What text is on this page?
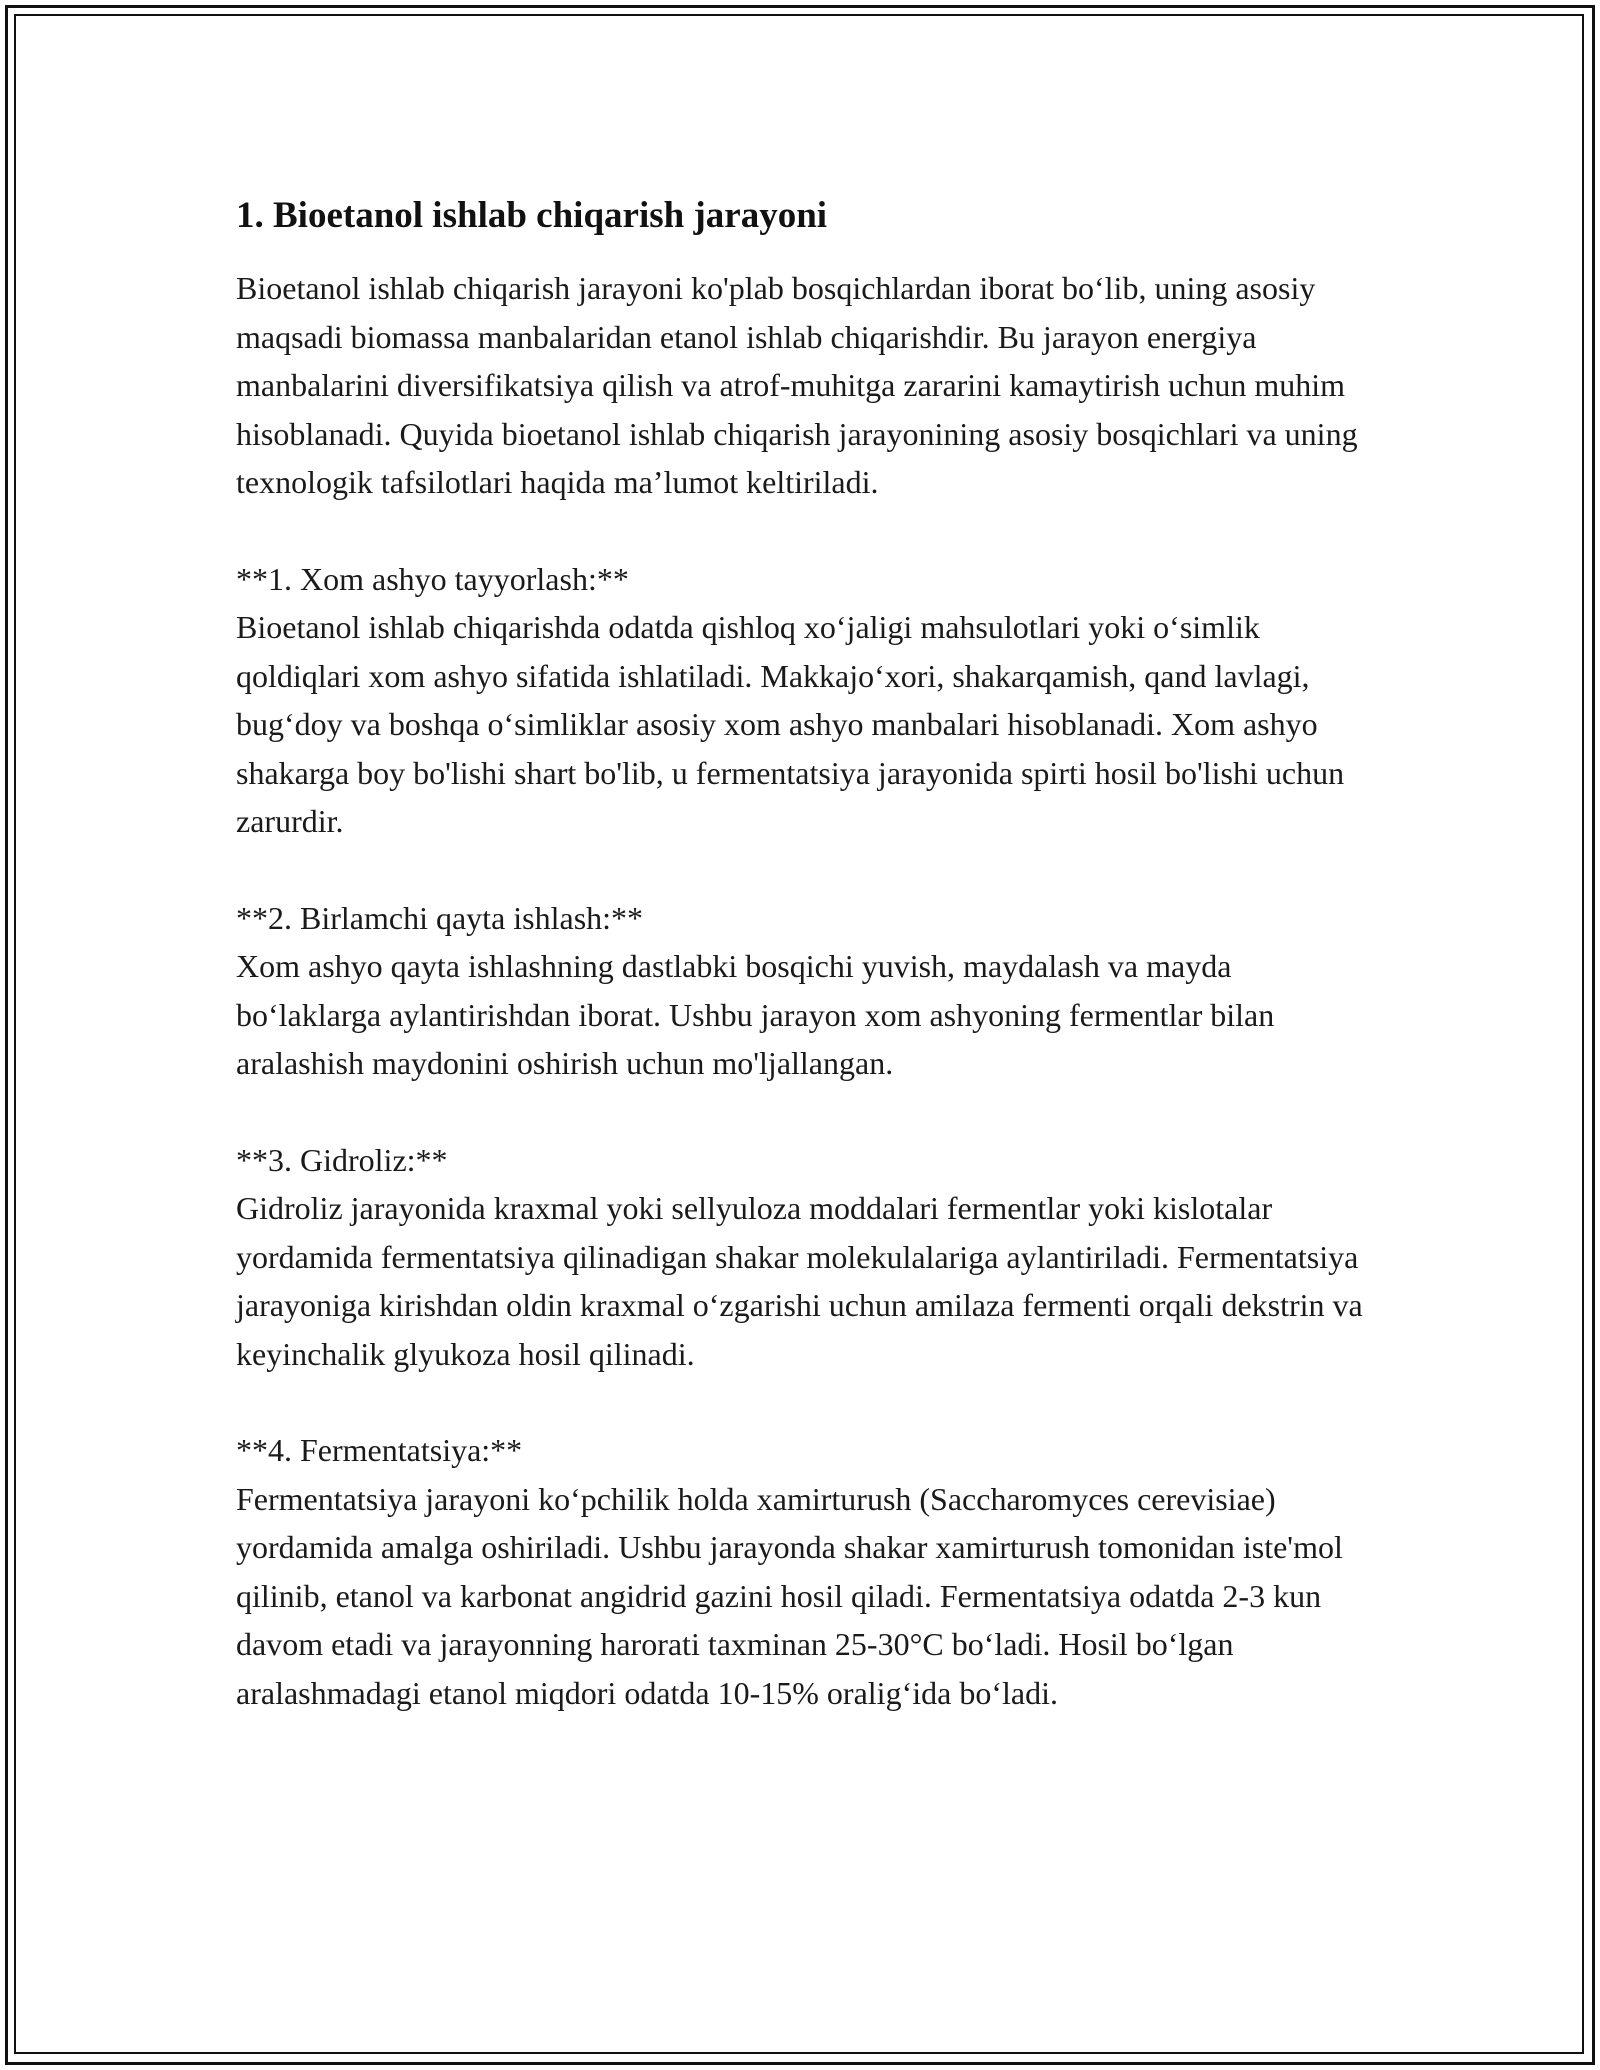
1. Bioetanol ishlab chiqarish jarayoni

Bioetanol ishlab chiqarish jarayoni ko'plab bosqichlardan iborat bo‘lib, uning asosiy maqsadi biomassa manbalaridan etanol ishlab chiqarishdir. Bu jarayon energiya manbalarini diversifikatsiya qilish va atrof-muhitga zararini kamaytirish uchun muhim hisoblanadi. Quyida bioetanol ishlab chiqarish jarayonining asosiy bosqichlari va uning texnologik tafsilotlari haqida ma’lumot keltiriladi.

**1. Xom ashyo tayyorlash:**

Bioetanol ishlab chiqarishda odatda qishloq xo‘jaligi mahsulotlari yoki o‘simlik qoldiqlari xom ashyo sifatida ishlatiladi. Makkajo‘xori, shakarqamish, qand lavlagi, bug‘doy va boshqa o‘simliklar asosiy xom ashyo manbalari hisoblanadi. Xom ashyo shakarga boy bo'lishi shart bo'lib, u fermentatsiya jarayonida spirti hosil bo'lishi uchun zarurdir.

**2. Birlamchi qayta ishlash:**

Xom ashyo qayta ishlashning dastlabki bosqichi yuvish, maydalash va mayda bo‘laklarga aylantirishdan iborat. Ushbu jarayon xom ashyoning fermentlar bilan aralashish maydonini oshirish uchun mo'ljallangan.

**3. Gidroliz:**

Gidroliz jarayonida kraxmal yoki sellyuloza moddalari fermentlar yoki kislotalar yordamida fermentatsiya qilinadigan shakar molekulalariga aylantiriladi. Fermentatsiya jarayoniga kirishdan oldin kraxmal o‘zgarishi uchun amilaza fermenti orqali dekstrin va keyinchalik glyukoza hosil qilinadi.

**4. Fermentatsiya:**

Fermentatsiya jarayoni ko‘pchilik holda xamirturush (Saccharomyces cerevisiae) yordamida amalga oshiriladi. Ushbu jarayonda shakar xamirturush tomonidan iste'mol qilinib, etanol va karbonat angidrid gazini hosil qiladi. Fermentatsiya odatda 2-3 kun davom etadi va jarayonning harorati taxminan 25-30°C bo‘ladi. Hosil bo‘lgan aralashmadagi etanol miqdori odatda 10-15% oralig‘ida bo‘ladi.
